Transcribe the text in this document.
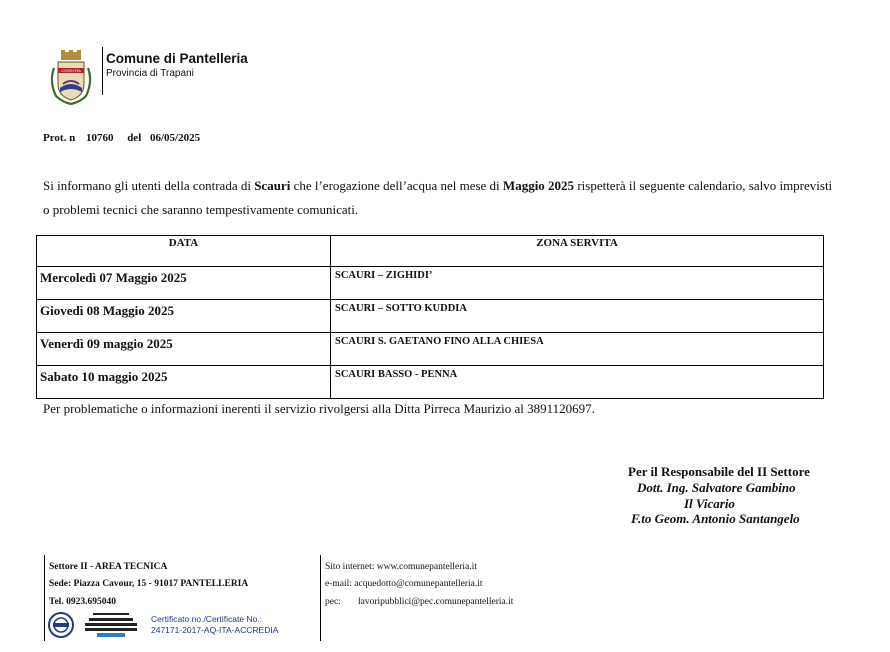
COSSYRA
Comune di Pantelleria
Provincia di Trapani
Prot. n 10760 del 06/05/2025
Si informano gli utenti della contrada di Scauri che l’erogazione dell’acqua nel mese di Maggio 2025 rispetterà il seguente calendario, salvo imprevisti o problemi tecnici che saranno tempestivamente comunicati.
DATA	ZONA SERVITA
Mercoledì 07 Maggio 2025	SCAURI – ZIGHIDI’
Giovedì 08 Maggio 2025	SCAURI – SOTTO KUDDIA
Venerdì 09 maggio 2025	SCAURI S. GAETANO FINO ALLA CHIESA
Sabato 10 maggio 2025	SCAURI BASSO - PENNA
Per problematiche o informazioni inerenti il servizio rivolgersi alla Ditta Pirreca Maurizio al 3891120697.
Per il Responsabile del II Settore
Dott. Ing. Salvatore Gambino
Il Vicario
F.to Geom. Antonio Santangelo
Settore II - AREA TECNICA
Sede: Piazza Cavour, 15 - 91017 PANTELLERIA
Tel. 0923.695040
Certificato no./Certificate No.:
247171-2017-AQ-ITA-ACCREDIA
Sito internet: www.comunepantelleria.it
e-mail: acquedotto@comunepantelleria.it
pec: lavoripubblici@pec.comunepantelleria.it
